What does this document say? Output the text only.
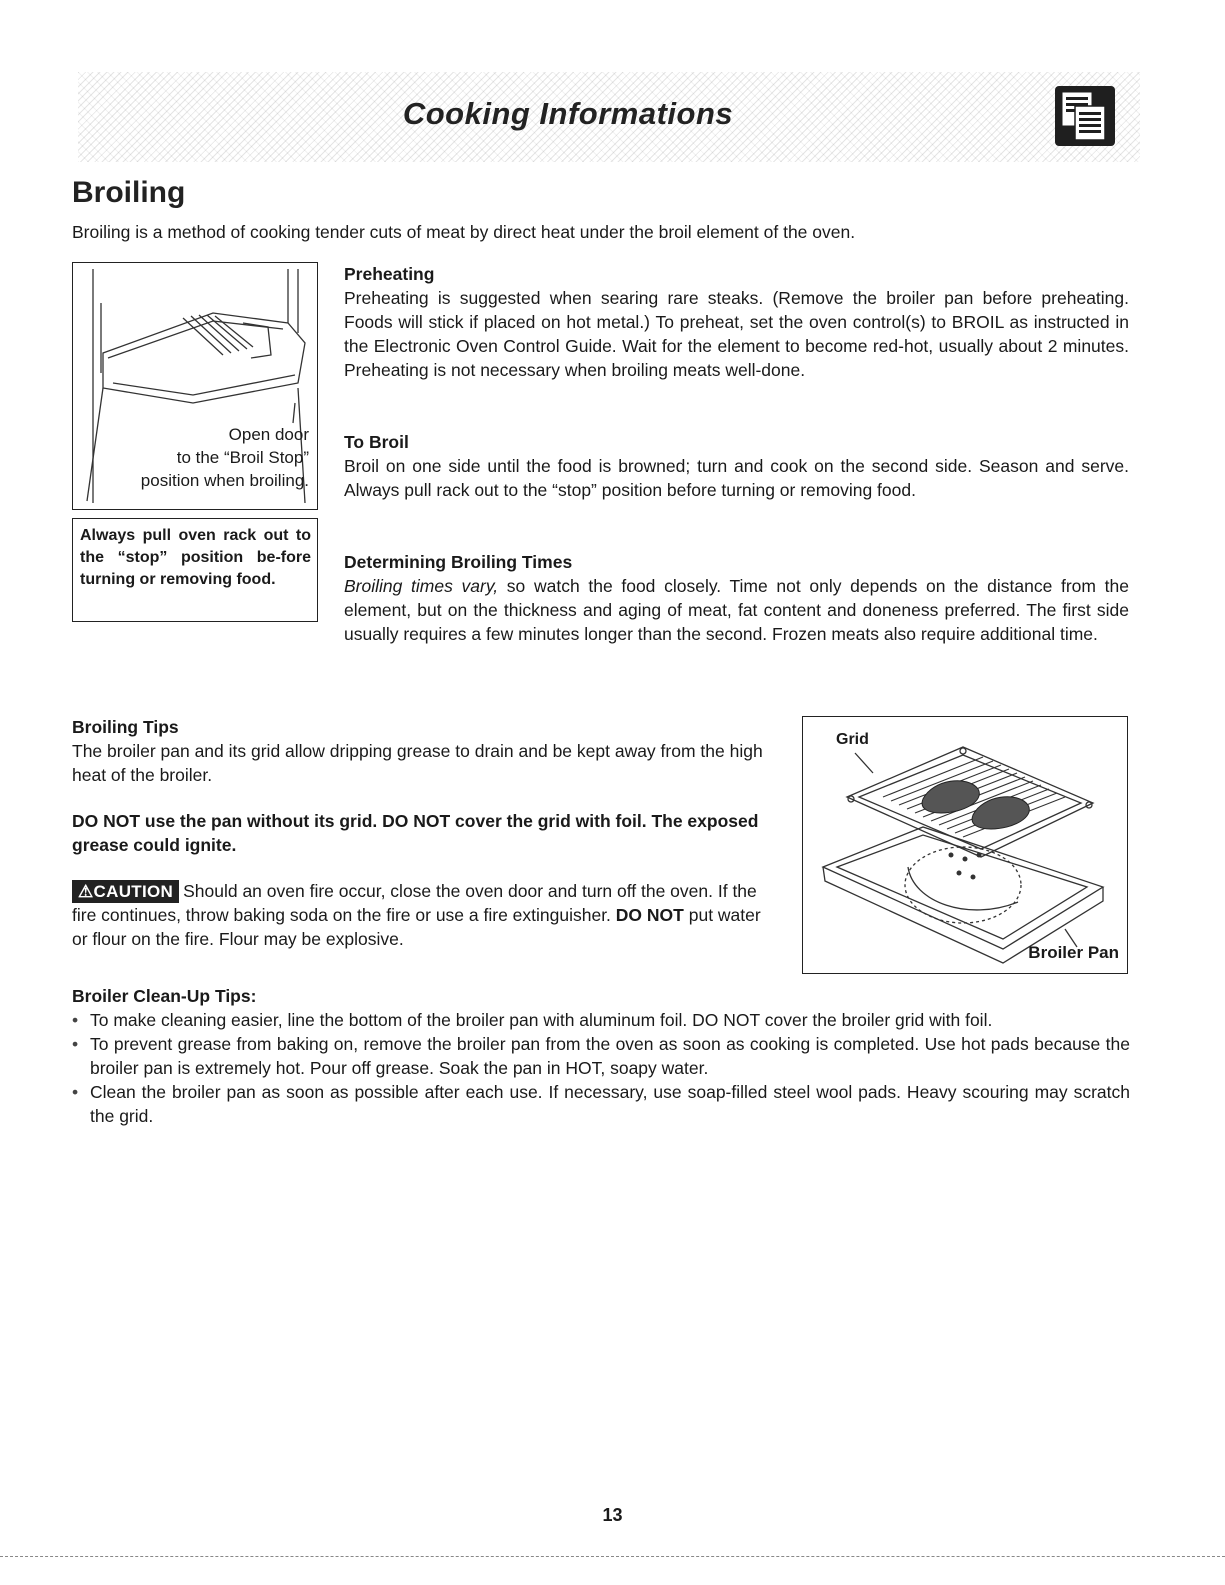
Cooking Informations
Broiling
Broiling is a method of cooking tender cuts of meat by direct heat under the broil element of the oven.
Open door
to the “Broil Stop”
position when broiling.
Always pull oven rack out to the “stop” position be-fore turning or removing food.
Preheating

Preheating is suggested when searing rare steaks. (Remove the broiler pan before preheating. Foods will stick if placed on hot metal.) To preheat, set the oven control(s) to BROIL as instructed in the Electronic Oven Control Guide. Wait for the element to become red-hot, usually about 2 minutes. Preheating is not necessary when broiling meats well-done.

To Broil

Broil on one side until the food is browned; turn and cook on the second side. Season and serve. Always pull rack out to the “stop” position before turning or removing food.

Determining Broiling Times

Broiling times vary, so watch the food closely. Time not only depends on the distance from the element, but on the thickness and aging of meat, fat content and doneness preferred. The first side usually requires a few minutes longer than the second. Frozen meats also require additional time.

Broiling Tips

The broiler pan and its grid allow dripping grease to drain and be kept away from the high heat of the broiler.

DO NOT use the pan without its grid. DO NOT cover the grid with foil. The exposed grease could ignite.

⚠CAUTION Should an oven fire occur, close the oven door and turn off the oven. If the fire continues, throw baking soda on the fire or use a fire extinguisher. DO NOT put water or flour on the fire. Flour may be explosive.

Grid
Broiler Pan
Broiler Clean-Up Tips:
• To make cleaning easier, line the bottom of the broiler pan with aluminum foil. DO NOT cover the broiler grid with foil.
• To prevent grease from baking on, remove the broiler pan from the oven as soon as cooking is completed. Use hot pads because the broiler pan is extremely hot. Pour off grease. Soak the pan in HOT, soapy water.
• Clean the broiler pan as soon as possible after each use. If necessary, use soap-filled steel wool pads. Heavy scouring may scratch the grid.
13
